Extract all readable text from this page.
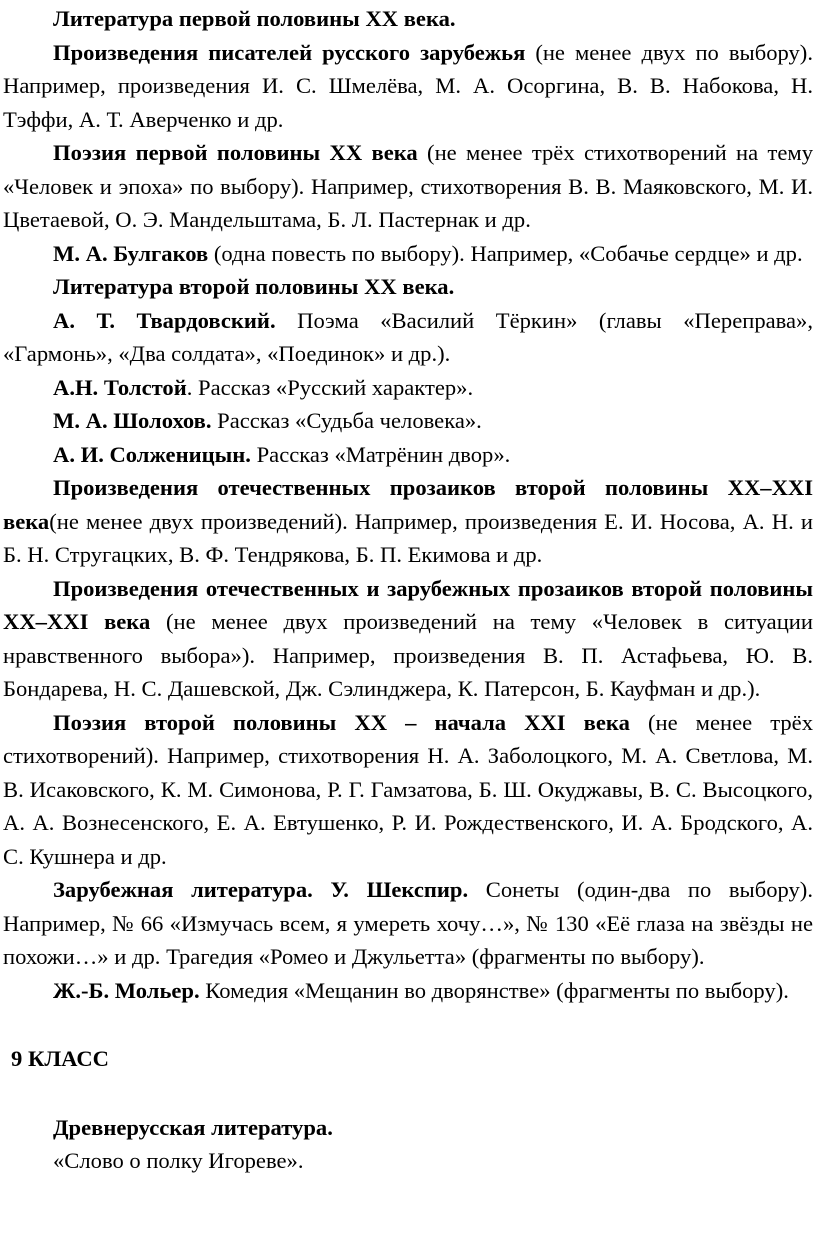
Литература первой половины XX века.

Произведения писателей русского зарубежья (не менее двух по выбору). Например, произведения И. С. Шмелёва, М. А. Осоргина, В. В. Набокова, Н. Тэффи, А. Т. Аверченко и др.

Поэзия первой половины ХХ века (не менее трёх стихотворений на тему «Человек и эпоха» по выбору). Например, стихотворения В. В. Маяковского, М. И. Цветаевой, О. Э. Мандельштама, Б. Л. Пастернак и др.

М. А. Булгаков (одна повесть по выбору). Например, «Собачье сердце» и др.

Литература второй половины XX века.

А. Т. Твардовский. Поэма «Василий Тёркин» (главы «Переправа», «Гармонь», «Два солдата», «Поединок» и др.).

А.Н. Толстой. Рассказ «Русский характер».

М. А. Шолохов. Рассказ «Судьба человека».

А. И. Солженицын. Рассказ «Матрёнин двор».

Произведения отечественных прозаиков второй половины XX–XXI века(не менее двух произведений). Например, произведения Е. И. Носова, А. Н. и Б. Н. Стругацких, В. Ф. Тендрякова, Б. П. Екимова и др.

Произведения отечественных и зарубежных прозаиков второй половины XX–XXI века (не менее двух произведений на тему «Человек в ситуации нравственного выбора»). Например, произведения В. П. Астафьева, Ю. В. Бондарева, Н. С. Дашевской, Дж. Сэлинджера, К. Патерсон, Б. Кауфман и др.).

Поэзия второй половины XX – начала XXI века (не менее трёх стихотворений). Например, стихотворения Н. А. Заболоцкого, М. А. Светлова, М. В. Исаковского, К. М. Симонова, Р. Г. Гамзатова, Б. Ш. Окуджавы, В. С. Высоцкого, А. А. Вознесенского, Е. А. Евтушенко, Р. И. Рождественского, И. А. Бродского, А. С. Кушнера и др.

Зарубежная литература. У. Шекспир. Сонеты (один-два по выбору). Например, № 66 «Измучась всем, я умереть хочу…», № 130 «Её глаза на звёзды не похожи…» и др. Трагедия «Ромео и Джульетта» (фрагменты по выбору).

Ж.-Б. Мольер. Комедия «Мещанин во дворянстве» (фрагменты по выбору).

9 КЛАСС

Древнерусская литература.

«Слово о полку Игореве».
